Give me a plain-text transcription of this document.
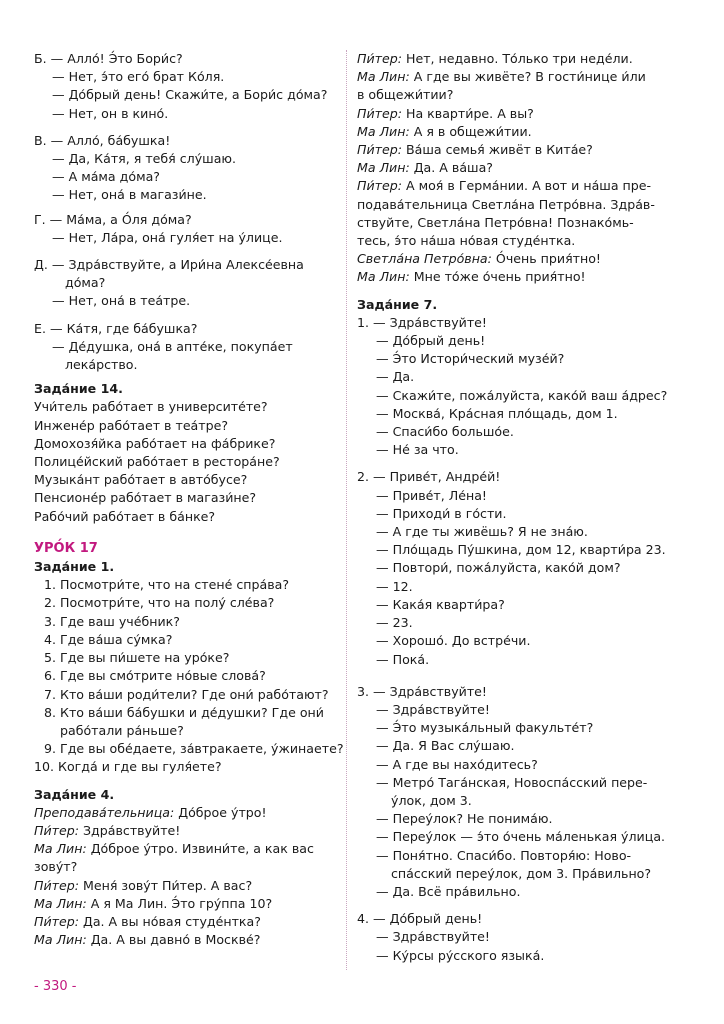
Б. — Алло́! Э́то Бори́с?
— Нет, э́то его́ брат Ко́ля.
— До́брый день! Скажи́те, а Бори́с до́ма?
— Нет, он в кино́.
В. — Алло́, ба́бушка!
— Да, Ка́тя, я тебя́ слу́шаю.
— А ма́ма до́ма?
— Нет, она́ в магази́не.
Г. — Ма́ма, а О́ля до́ма?
— Нет, Ла́ра, она́ гуля́ет на у́лице.
Д. — Здра́вствуйте, а Ири́на Алексе́евна
до́ма?
— Нет, она́ в теа́тре.
Е. — Ка́тя, где ба́бушка?
— Де́душка, она́ в апте́ке, покупа́ет
лека́рство.
Зада́ние 14.
Учи́тель рабо́тает в университе́те?
Инжене́р рабо́тает в теа́тре?
Домохозя́йка рабо́тает на фа́брике?
Полице́йский рабо́тает в рестора́не?
Музыка́нт рабо́тает в авто́бусе?
Пенсионе́р рабо́тает в магази́не?
Рабо́чий рабо́тает в ба́нке?
УРО́К 17
Зада́ние 1.
1. Посмотри́те, что на стене́ спра́ва?
2. Посмотри́те, что на полу́ сле́ва?
3. Где ваш уче́бник?
4. Где ва́ша су́мка?
5. Где вы пи́шете на уро́ке?
6. Где вы смо́трите но́вые слова́?
7. Кто ва́ши роди́тели? Где они́ рабо́тают?
8. Кто ва́ши ба́бушки и де́душки? Где они́
рабо́тали ра́ньше?
9. Где вы обе́даете, за́втракаете, у́жинаете?
10. Когда́ и где вы гуля́ете?
Зада́ние 4.
Преподава́тельница: До́брое у́тро!
Пи́тер: Здра́вствуйте!
Ма Лин: До́брое у́тро. Извини́те, а как вас
зову́т?
Пи́тер: Меня́ зову́т Пи́тер. А вас?
Ма Лин: А я Ма Лин. Э́то гру́ппа 10?
Пи́тер: Да. А вы но́вая студе́нтка?
Ма Лин: Да. А вы давно́ в Москве́?
Пи́тер: Нет, недавно. То́лько три неде́ли.
Ма Лин: А где вы живёте? В гости́нице и́ли
в общежи́тии?
Пи́тер: На кварти́ре. А вы?
Ма Лин: А я в общежи́тии.
Пи́тер: Ва́ша семья́ живёт в Кита́е?
Ма Лин: Да. А ва́ша?
Пи́тер: А моя́ в Герма́нии. А вот и на́ша пре-
подава́тельница Светла́на Петро́вна. Здра́в-
ствуйте, Светла́на Петро́вна! Познако́мь-
тесь, э́то на́ша но́вая студе́нтка.
Светла́на Петро́вна: О́чень прия́тно!
Ма Лин: Мне то́же о́чень прия́тно!
Зада́ние 7.
1. — Здра́вствуйте!
— До́брый день!
— Э́то Истори́ческий музе́й?
— Да.
— Скажи́те, пожа́луйста, како́й ваш а́дрес?
— Москва́, Кра́сная пло́щадь, дом 1.
— Спаси́бо большо́е.
— Не́ за что.
2. — Приве́т, Андре́й!
— Приве́т, Ле́на!
— Приходи́ в го́сти.
— А где ты живёшь? Я не зна́ю.
— Пло́щадь Пу́шкина, дом 12, кварти́ра 23.
— Повтори́, пожа́луйста, како́й дом?
— 12.
— Кака́я кварти́ра?
— 23.
— Хорошо́. До встре́чи.
— Пока́.
3. — Здра́вствуйте!
— Здра́вствуйте!
— Э́то музыка́льный факульте́т?
— Да. Я Вас слу́шаю.
— А где вы нахо́дитесь?
— Метро́ Тага́нская, Новоспа́сский пере-
у́лок, дом 3.
— Переу́лок? Не понима́ю.
— Переу́лок — э́то о́чень ма́ленькая у́лица.
— Поня́тно. Спаси́бо. Повторя́ю: Ново-
спа́сский переу́лок, дом 3. Пра́вильно?
— Да. Всё пра́вильно.
4. — До́брый день!
— Здра́вствуйте!
— Ку́рсы ру́сского языка́.
- 330 -
